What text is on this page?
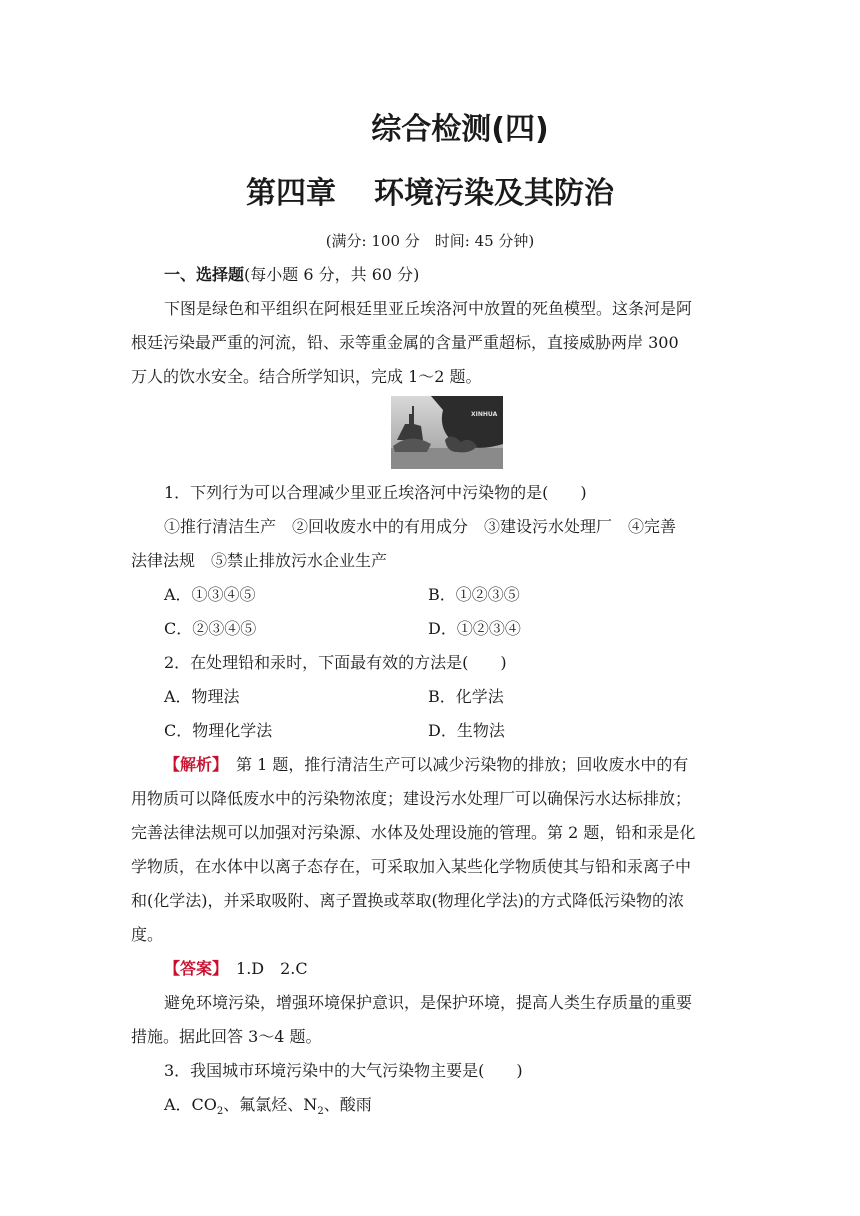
综合检测(四)
第四章 环境污染及其防治
(满分: 100 分　时间: 45 分钟)
一、选择题(每小题 6 分，共 60 分)
下图是绿色和平组织在阿根廷里亚丘埃洛河中放置的死鱼模型。这条河是阿
根廷污染最严重的河流，铅、汞等重金属的含量严重超标，直接威胁两岸 300
万人的饮水安全。结合所学知识，完成 1～2 题。
XINHUA
1．下列行为可以合理减少里亚丘埃洛河中污染物的是(　　)
①推行清洁生产　②回收废水中的有用成分　③建设污水处理厂　④完善
法律法规　⑤禁止排放污水企业生产
A．①③④⑤	B．①②③⑤
C．②③④⑤	D．①②③④
2．在处理铅和汞时，下面最有效的方法是(　　)
A．物理法	B．化学法
C．物理化学法	D．生物法
【解析】　第 1 题，推行清洁生产可以减少污染物的排放；回收废水中的有
用物质可以降低废水中的污染物浓度；建设污水处理厂可以确保污水达标排放；
完善法律法规可以加强对污染源、水体及处理设施的管理。第 2 题，铅和汞是化
学物质，在水体中以离子态存在，可采取加入某些化学物质使其与铅和汞离子中
和(化学法)，并采取吸附、离子置换或萃取(物理化学法)的方式降低污染物的浓
度。
【答案】　1.D　2.C
避免环境污染，增强环境保护意识，是保护环境，提高人类生存质量的重要
措施。据此回答 3～4 题。
3．我国城市环境污染中的大气污染物主要是(　　)
A．$CO_2$、氟氯烃、$N_2$、酸雨
